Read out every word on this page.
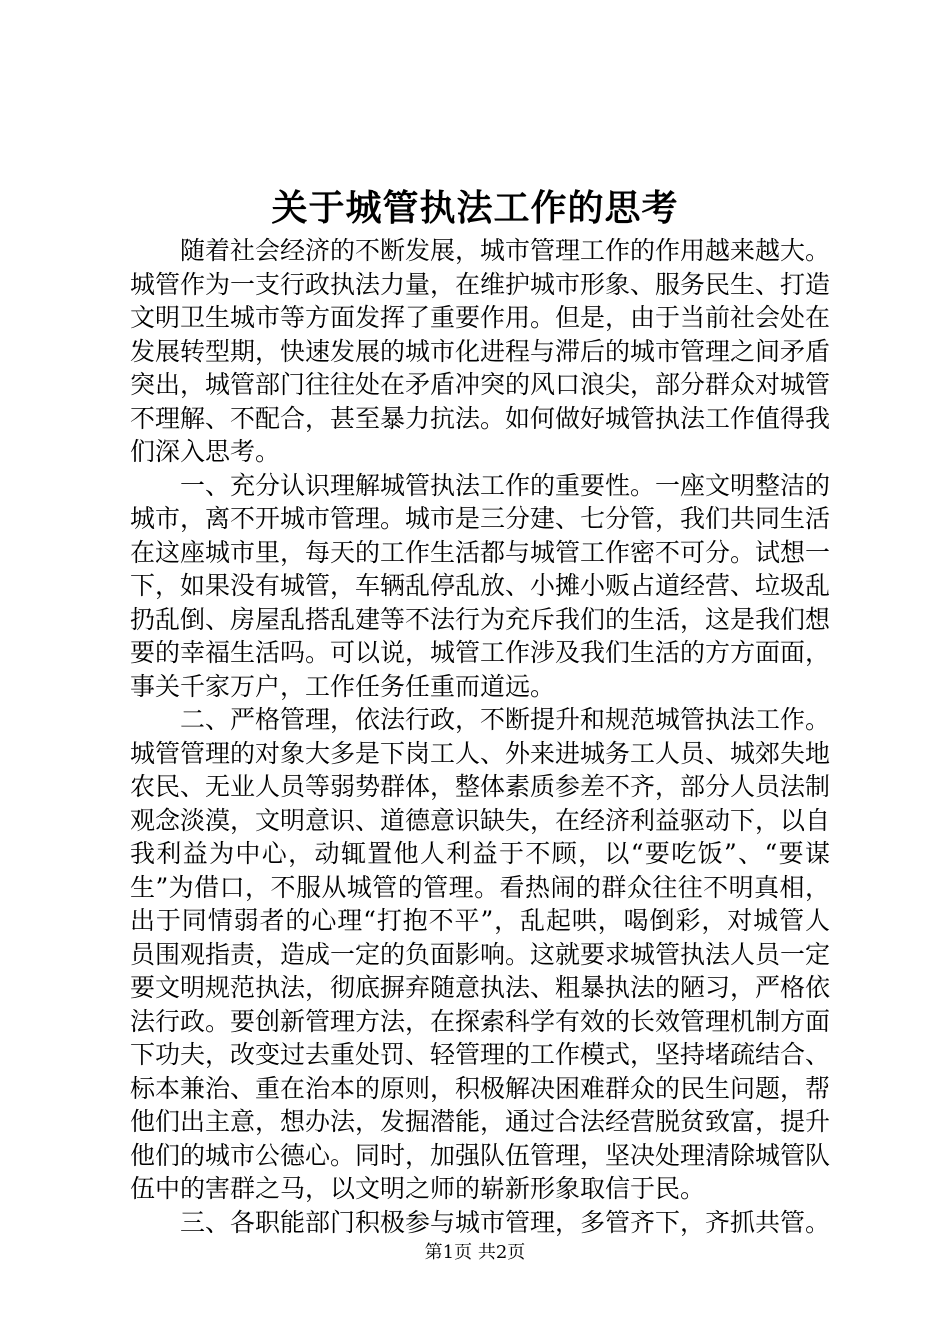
关于城管执法工作的思考

随着社会经济的不断发展，城市管理工作的作用越来越大。城管作为一支行政执法力量，在维护城市形象、服务民生、打造文明卫生城市等方面发挥了重要作用。但是，由于当前社会处在发展转型期，快速发展的城市化进程与滞后的城市管理之间矛盾突出，城管部门往往处在矛盾冲突的风口浪尖，部分群众对城管不理解、不配合，甚至暴力抗法。如何做好城管执法工作值得我们深入思考。

一、充分认识理解城管执法工作的重要性。一座文明整洁的城市，离不开城市管理。城市是三分建、七分管，我们共同生活在这座城市里，每天的工作生活都与城管工作密不可分。试想一下，如果没有城管，车辆乱停乱放、小摊小贩占道经营、垃圾乱扔乱倒、房屋乱搭乱建等不法行为充斥我们的生活，这是我们想要的幸福生活吗。可以说，城管工作涉及我们生活的方方面面，事关千家万户，工作任务任重而道远。

二、严格管理，依法行政，不断提升和规范城管执法工作。城管管理的对象大多是下岗工人、外来进城务工人员、城郊失地农民、无业人员等弱势群体，整体素质参差不齐，部分人员法制观念淡漠，文明意识、道德意识缺失，在经济利益驱动下，以自我利益为中心，动辄置他人利益于不顾，以“要吃饭”、“要谋生”为借口，不服从城管的管理。看热闹的群众往往不明真相，出于同情弱者的心理“打抱不平”，乱起哄，喝倒彩，对城管人员围观指责，造成一定的负面影响。这就要求城管执法人员一定要文明规范执法，彻底摒弃随意执法、粗暴执法的陋习，严格依法行政。要创新管理方法，在探索科学有效的长效管理机制方面下功夫，改变过去重处罚、轻管理的工作模式，坚持堵疏结合、标本兼治、重在治本的原则，积极解决困难群众的民生问题，帮他们出主意，想办法，发掘潜能，通过合法经营脱贫致富，提升他们的城市公德心。同时，加强队伍管理，坚决处理清除城管队伍中的害群之马，以文明之师的崭新形象取信于民。

三、各职能部门积极参与城市管理，多管齐下，齐抓共管。

第1页 共2页
